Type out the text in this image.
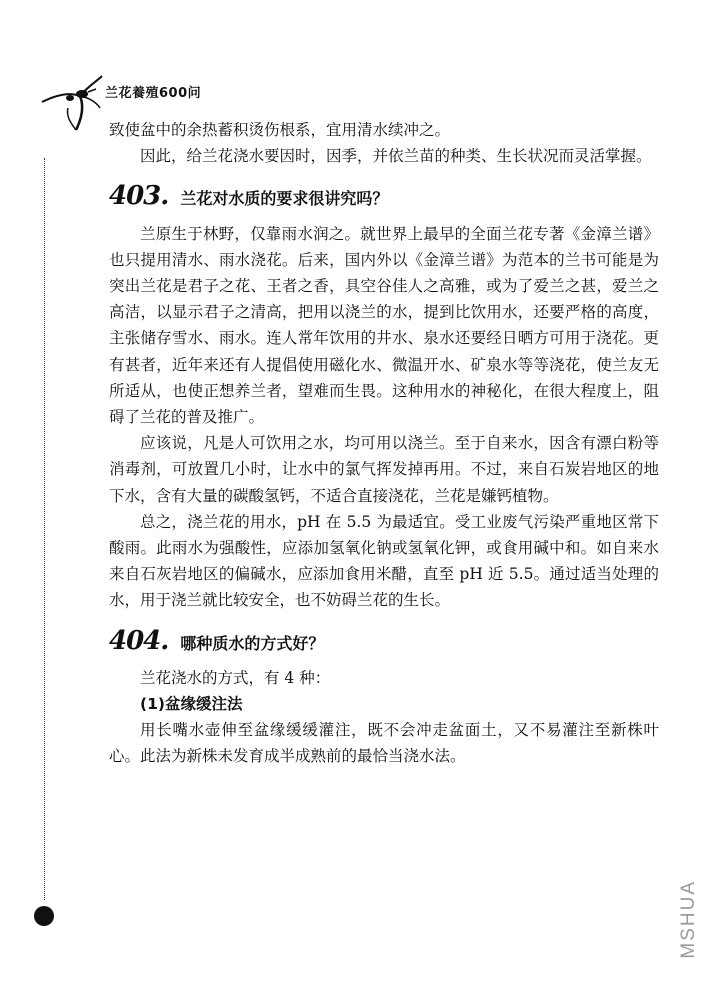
兰花養殖600问

致使盆中的余热蓄积烫伤根系，宜用清水续冲之。

因此，给兰花浇水要因时，因季，并依兰苗的种类、生长状况而灵活掌握。

403. 兰花对水质的要求很讲究吗？

兰原生于林野，仅靠雨水润之。就世界上最早的全面兰花专著《金漳兰谱》也只提用清水、雨水浇花。后来，国内外以《金漳兰谱》为范本的兰书可能是为突出兰花是君子之花、王者之香，具空谷佳人之高雅，或为了爱兰之甚，爱兰之高洁，以显示君子之清高，把用以浇兰的水，提到比饮用水，还要严格的高度，主张储存雪水、雨水。连人常年饮用的井水、泉水还要经日晒方可用于浇花。更有甚者，近年来还有人提倡使用磁化水、微温开水、矿泉水等等浇花，使兰友无所适从，也使正想养兰者，望难而生畏。这种用水的神秘化，在很大程度上，阻碍了兰花的普及推广。

应该说，凡是人可饮用之水，均可用以浇兰。至于自来水，因含有漂白粉等消毒剂，可放置几小时，让水中的氯气挥发掉再用。不过，来自石炭岩地区的地下水，含有大量的碳酸氢钙，不适合直接浇花，兰花是嫌钙植物。

总之，浇兰花的用水，pH 在 5.5 为最适宜。受工业废气污染严重地区常下酸雨。此雨水为强酸性，应添加氢氧化钠或氢氧化钾，或食用碱中和。如自来水来自石灰岩地区的偏碱水，应添加食用米醋，直至 pH 近 5.5。通过适当处理的水，用于浇兰就比较安全，也不妨碍兰花的生长。

404. 哪种质水的方式好？

兰花浇水的方式，有 4 种：

(1)盆缘缓注法

用长嘴水壶伸至盆缘缓缓灌注，既不会冲走盆面土，又不易灌注至新株叶心。此法为新株未发育成半成熟前的最恰当浇水法。

MSHUA
